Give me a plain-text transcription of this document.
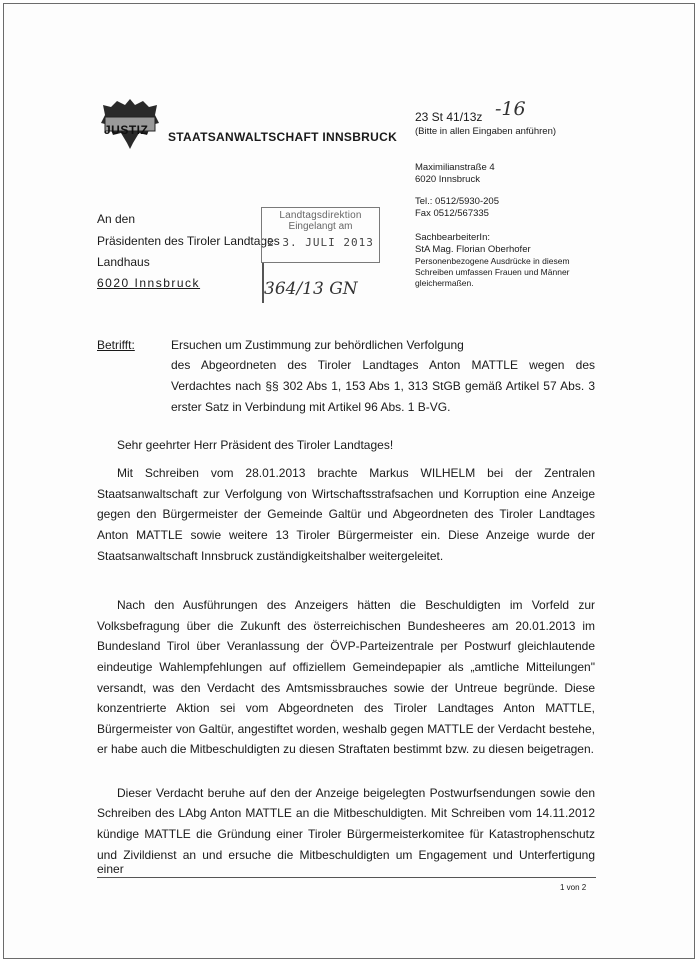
JUSTIZ STAATSANWALTSCHAFT INNSBRUCK
23 St 41/13z -16
(Bitte in allen Eingaben anführen)
Maximilianstraße 4
6020 Innsbruck
Tel.: 0512/5930-205
Fax 0512/567335
SachbearbeiterIn:
StA Mag. Florian Oberhofer
Personenbezogene Ausdrücke in diesem
Schreiben umfassen Frauen und Männer
gleichermaßen.
An den
Präsidenten des Tiroler Landtages
Landhaus
6020 Innsbruck
Landtagsdirektion
Eingelangt am
2 3. JULI 2013
364/13 GN
Betrifft:	Ersuchen um Zustimmung zur behördlichen Verfolgung
des Abgeordneten des Tiroler Landtages Anton MATTLE wegen des
Verdachtes nach §§ 302 Abs 1, 153 Abs 1, 313 StGB gemäß Artikel 57 Abs. 3
erster Satz in Verbindung mit Artikel 96 Abs. 1 B-VG.
Sehr geehrter Herr Präsident des Tiroler Landtages!
Mit Schreiben vom 28.01.2013 brachte Markus WILHELM bei der Zentralen
Staatsanwaltschaft zur Verfolgung von Wirtschaftsstrafsachen und Korruption eine Anzeige
gegen den Bürgermeister der Gemeinde Galtür und Abgeordneten des Tiroler Landtages
Anton MATTLE sowie weitere 13 Tiroler Bürgermeister ein. Diese Anzeige wurde der
Staatsanwaltschaft Innsbruck zuständigkeitshalber weitergeleitet.
Nach den Ausführungen des Anzeigers hätten die Beschuldigten im Vorfeld zur
Volksbefragung über die Zukunft des österreichischen Bundesheeres am 20.01.2013 im
Bundesland Tirol über Veranlassung der ÖVP-Parteizentrale per Postwurf gleichlautende
eindeutige Wahlempfehlungen auf offiziellem Gemeindepapier als „amtliche Mitteilungen"
versandt, was den Verdacht des Amtsmissbrauches sowie der Untreue begründe. Diese
konzentrierte Aktion sei vom Abgeordneten des Tiroler Landtages Anton MATTLE,
Bürgermeister von Galtür, angestiftet worden, weshalb gegen MATTLE der Verdacht bestehe,
er habe auch die Mitbeschuldigten zu diesen Straftaten bestimmt bzw. zu diesen beigetragen.
Dieser Verdacht beruhe auf den der Anzeige beigelegten Postwurfsendungen sowie den
Schreiben des LAbg Anton MATTLE an die Mitbeschuldigten. Mit Schreiben vom 14.11.2012
kündige MATTLE die Gründung einer Tiroler Bürgermeisterkomitee für Katastrophenschutz
und Zivildienst an und ersuche die Mitbeschuldigten um Engagement und Unterfertigung einer
1 von 2
